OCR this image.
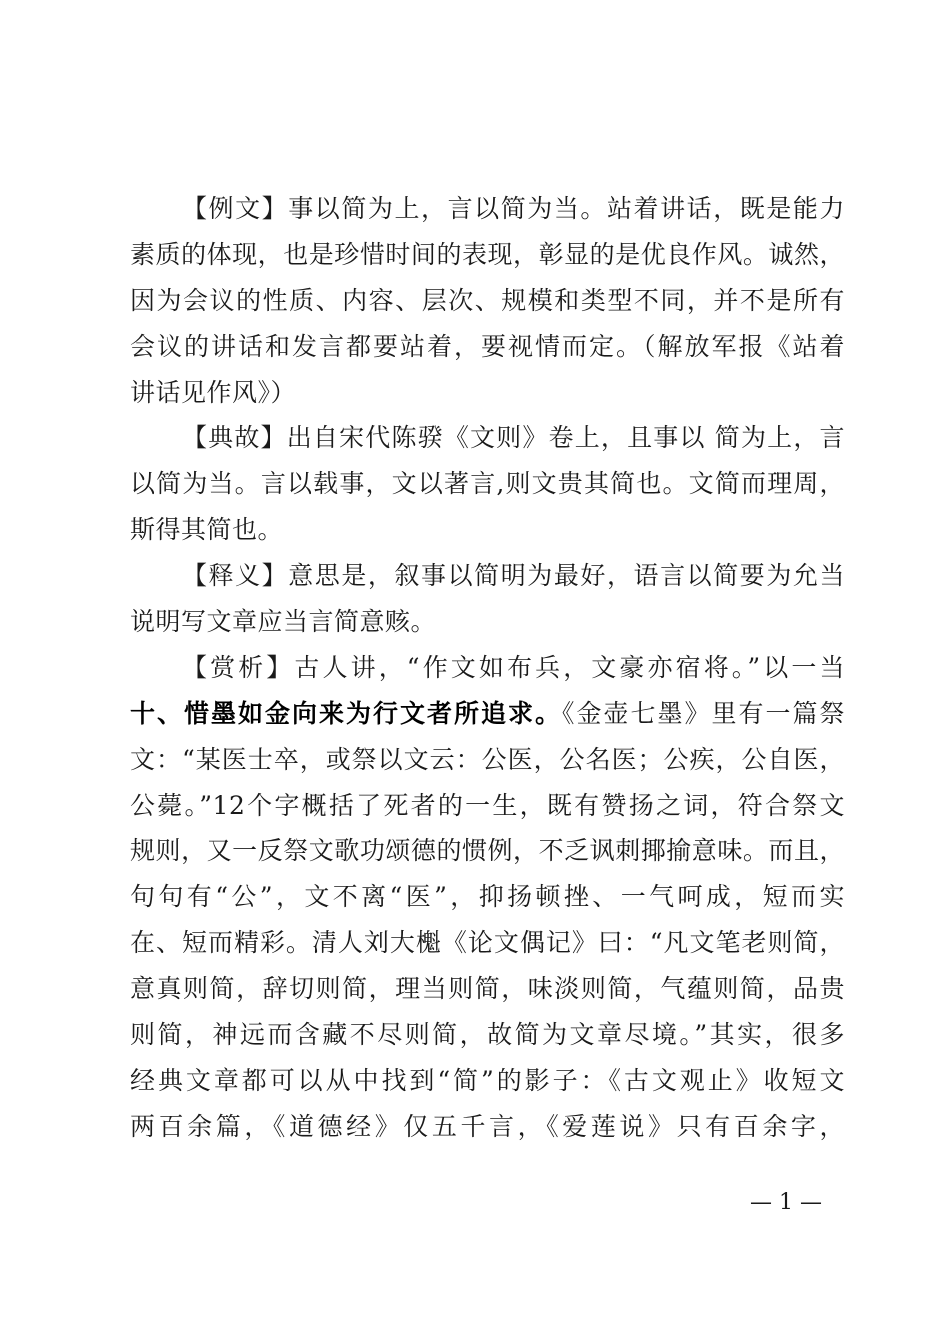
【例文】事以简为上，言以简为当。站着讲话，既是能力
素质的体现，也是珍惜时间的表现，彰显的是优良作风。诚然，
因为会议的性质、内容、层次、规模和类型不同，并不是所有
会议的讲话和发言都要站着，要视情而定。（解放军报《站着
讲话见作风》）
【典故】出自宋代陈骙《文则》卷上，且事以 简为上，言
以简为当。言以载事，文以著言,则文贵其简也。文简而理周，
斯得其简也。
【释义】意思是，叙事以简明为最好，语言以简要为允当
说明写文章应当言简意赅。
【赏析】古人讲，“作文如布兵，文豪亦宿将。”以一当
十、惜墨如金向来为行文者所追求。《金壶七墨》里有一篇祭
文：“某医士卒，或祭以文云：公医，公名医；公疾，公自医，
公薨。”12个字概括了死者的一生，既有赞扬之词，符合祭文
规则，又一反祭文歌功颂德的惯例，不乏讽刺揶揄意味。而且，
句句有“公”，文不离“医”，抑扬顿挫、一气呵成，短而实
在、短而精彩。清人刘大櫆《论文偶记》曰：“凡文笔老则简，
意真则简，辞切则简，理当则简，味淡则简，气蕴则简，品贵
则简，神远而含藏不尽则简，故简为文章尽境。”其实，很多
经典文章都可以从中找到“简”的影子：《古文观止》收短文
两百余篇，《道德经》仅五千言，《爱莲说》只有百余字，
— 1 —
